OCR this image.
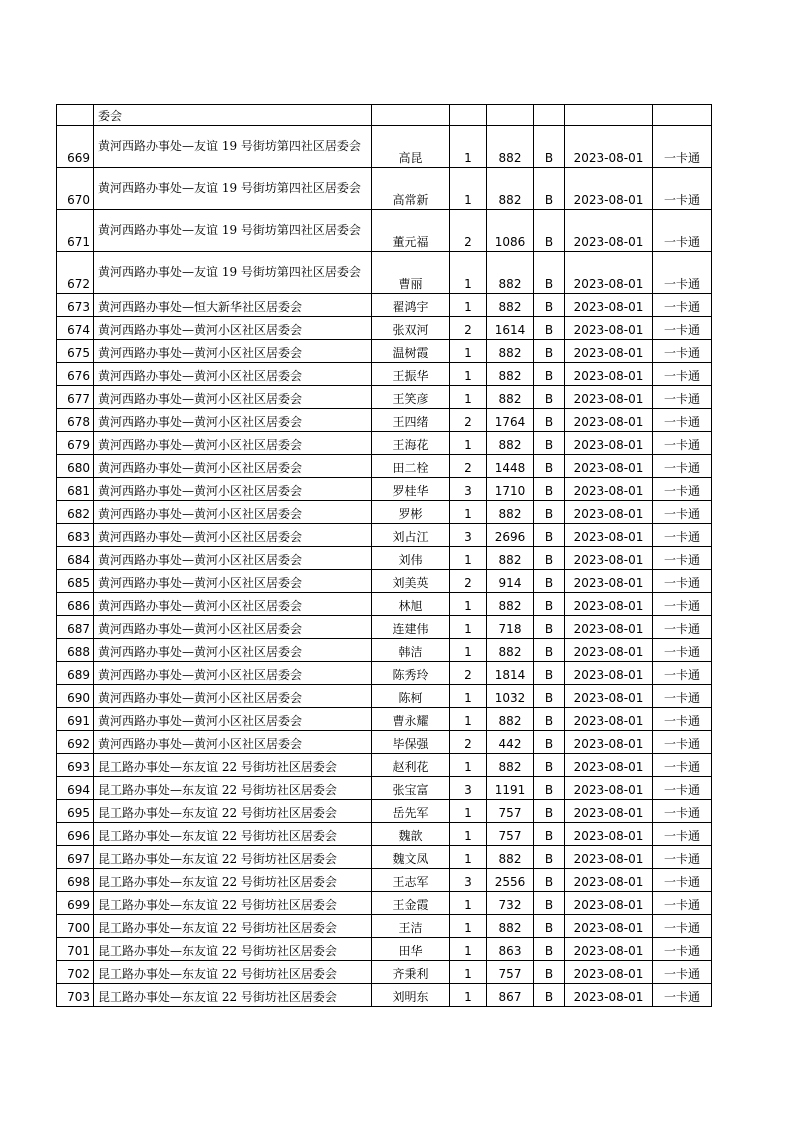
	委会						
669	黄河西路办事处—友谊 19 号街坊第四社区居委会	高昆	1	882	B	2023-08-01	一卡通
670	黄河西路办事处—友谊 19 号街坊第四社区居委会	高常新	1	882	B	2023-08-01	一卡通
671	黄河西路办事处—友谊 19 号街坊第四社区居委会	董元福	2	1086	B	2023-08-01	一卡通
672	黄河西路办事处—友谊 19 号街坊第四社区居委会	曹丽	1	882	B	2023-08-01	一卡通
673	黄河西路办事处—恒大新华社区居委会	翟鸿宇	1	882	B	2023-08-01	一卡通
674	黄河西路办事处—黄河小区社区居委会	张双河	2	1614	B	2023-08-01	一卡通
675	黄河西路办事处—黄河小区社区居委会	温树霞	1	882	B	2023-08-01	一卡通
676	黄河西路办事处—黄河小区社区居委会	王振华	1	882	B	2023-08-01	一卡通
677	黄河西路办事处—黄河小区社区居委会	王笑彦	1	882	B	2023-08-01	一卡通
678	黄河西路办事处—黄河小区社区居委会	王四绪	2	1764	B	2023-08-01	一卡通
679	黄河西路办事处—黄河小区社区居委会	王海花	1	882	B	2023-08-01	一卡通
680	黄河西路办事处—黄河小区社区居委会	田二栓	2	1448	B	2023-08-01	一卡通
681	黄河西路办事处—黄河小区社区居委会	罗桂华	3	1710	B	2023-08-01	一卡通
682	黄河西路办事处—黄河小区社区居委会	罗彬	1	882	B	2023-08-01	一卡通
683	黄河西路办事处—黄河小区社区居委会	刘占江	3	2696	B	2023-08-01	一卡通
684	黄河西路办事处—黄河小区社区居委会	刘伟	1	882	B	2023-08-01	一卡通
685	黄河西路办事处—黄河小区社区居委会	刘美英	2	914	B	2023-08-01	一卡通
686	黄河西路办事处—黄河小区社区居委会	林旭	1	882	B	2023-08-01	一卡通
687	黄河西路办事处—黄河小区社区居委会	连建伟	1	718	B	2023-08-01	一卡通
688	黄河西路办事处—黄河小区社区居委会	韩洁	1	882	B	2023-08-01	一卡通
689	黄河西路办事处—黄河小区社区居委会	陈秀玲	2	1814	B	2023-08-01	一卡通
690	黄河西路办事处—黄河小区社区居委会	陈柯	1	1032	B	2023-08-01	一卡通
691	黄河西路办事处—黄河小区社区居委会	曹永耀	1	882	B	2023-08-01	一卡通
692	黄河西路办事处—黄河小区社区居委会	毕保强	2	442	B	2023-08-01	一卡通
693	昆工路办事处—东友谊 22 号街坊社区居委会	赵利花	1	882	B	2023-08-01	一卡通
694	昆工路办事处—东友谊 22 号街坊社区居委会	张宝富	3	1191	B	2023-08-01	一卡通
695	昆工路办事处—东友谊 22 号街坊社区居委会	岳先军	1	757	B	2023-08-01	一卡通
696	昆工路办事处—东友谊 22 号街坊社区居委会	魏歆	1	757	B	2023-08-01	一卡通
697	昆工路办事处—东友谊 22 号街坊社区居委会	魏文凤	1	882	B	2023-08-01	一卡通
698	昆工路办事处—东友谊 22 号街坊社区居委会	王志军	3	2556	B	2023-08-01	一卡通
699	昆工路办事处—东友谊 22 号街坊社区居委会	王金霞	1	732	B	2023-08-01	一卡通
700	昆工路办事处—东友谊 22 号街坊社区居委会	王洁	1	882	B	2023-08-01	一卡通
701	昆工路办事处—东友谊 22 号街坊社区居委会	田华	1	863	B	2023-08-01	一卡通
702	昆工路办事处—东友谊 22 号街坊社区居委会	齐秉利	1	757	B	2023-08-01	一卡通
703	昆工路办事处—东友谊 22 号街坊社区居委会	刘明东	1	867	B	2023-08-01	一卡通
